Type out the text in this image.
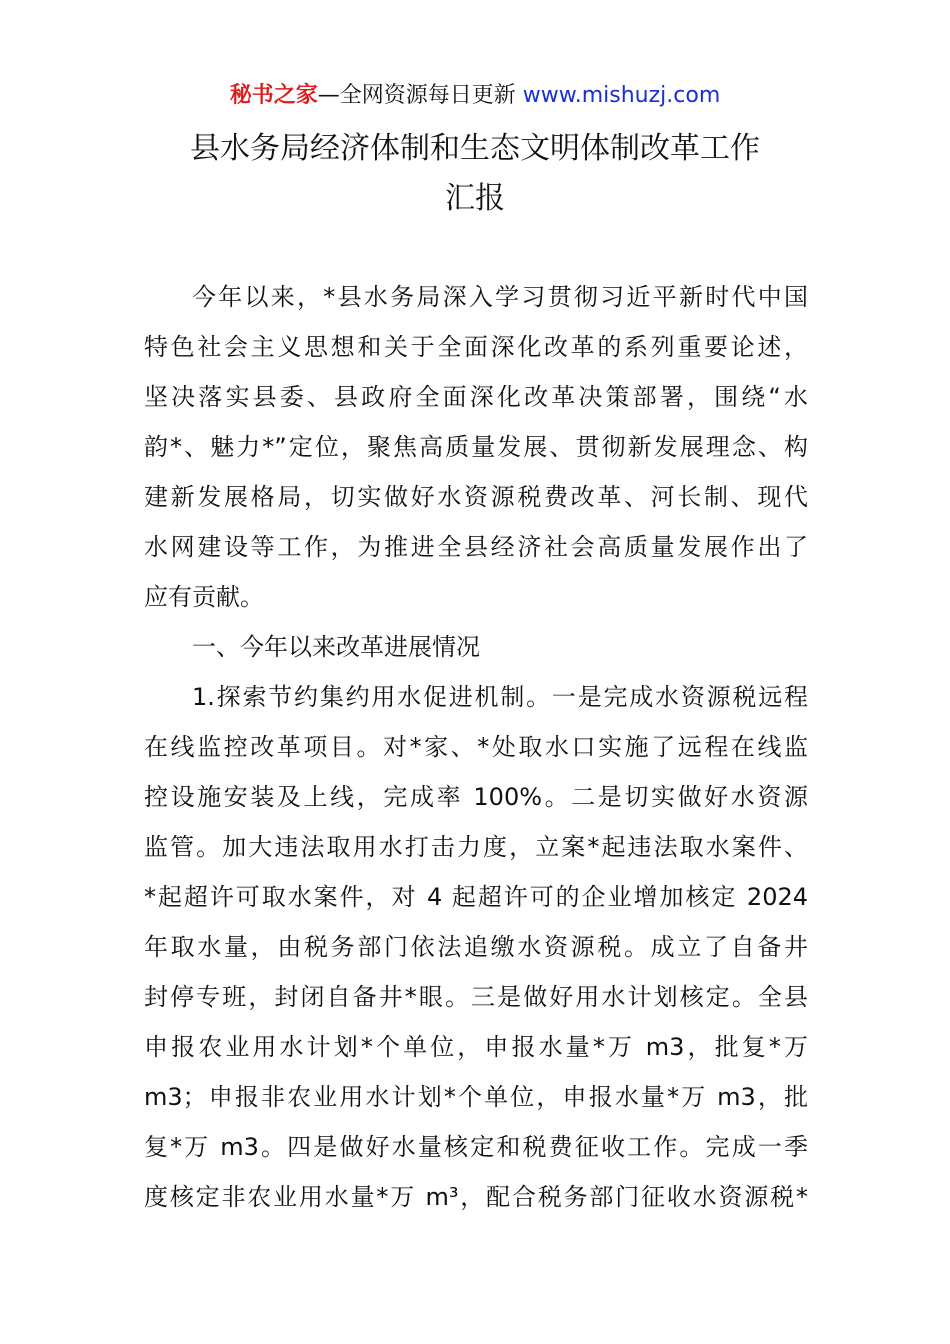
秘书之家—全网资源每日更新 www.mishuzj.com
县水务局经济体制和生态文明体制改革工作
汇报
今年以来，*县水务局深入学习贯彻习近平新时代中国
特色社会主义思想和关于全面深化改革的系列重要论述，
坚决落实县委、县政府全面深化改革决策部署，围绕“水
韵*、魅力*”定位，聚焦高质量发展、贯彻新发展理念、构
建新发展格局，切实做好水资源税费改革、河长制、现代
水网建设等工作，为推进全县经济社会高质量发展作出了
应有贡献。
一、今年以来改革进展情况
1.探索节约集约用水促进机制。一是完成水资源税远程
在线监控改革项目。对*家、*处取水口实施了远程在线监
控设施安装及上线，完成率 100%。二是切实做好水资源
监管。加大违法取用水打击力度，立案*起违法取水案件、
*起超许可取水案件，对 4 起超许可的企业增加核定 2024
年取水量，由税务部门依法追缴水资源税。成立了自备井
封停专班，封闭自备井*眼。三是做好用水计划核定。全县
申报农业用水计划*个单位，申报水量*万 m3，批复*万
m3；申报非农业用水计划*个单位，申报水量*万 m3，批
复*万 m3。四是做好水量核定和税费征收工作。完成一季
度核定非农业用水量*万 m³，配合税务部门征收水资源税*
